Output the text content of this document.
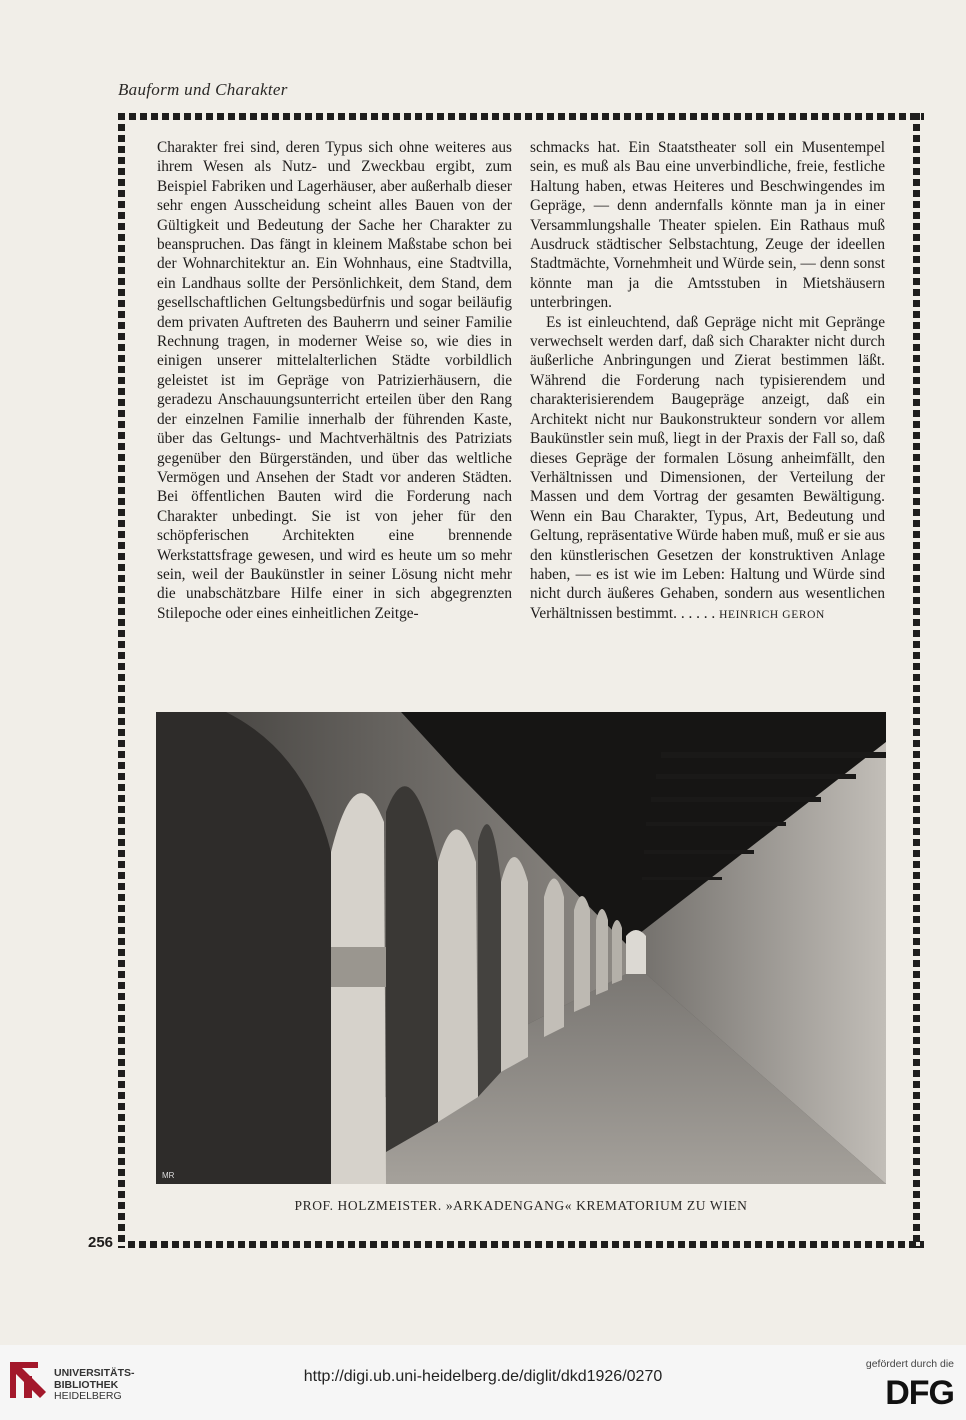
Bauform und Charakter

Charakter frei sind, deren Typus sich ohne weiteres aus ihrem Wesen als Nutz- und Zweckbau ergibt, zum Beispiel Fabriken und Lagerhäuser, aber außerhalb dieser sehr engen Ausscheidung scheint alles Bauen von der Gültigkeit und Bedeutung der Sache her Charakter zu beanspruchen. Das fängt in kleinem Maßstabe schon bei der Wohnarchitektur an. Ein Wohnhaus, eine Stadtvilla, ein Landhaus sollte der Persönlichkeit, dem Stand, dem gesellschaftlichen Geltungsbedürfnis und sogar beiläufig dem privaten Auftreten des Bauherrn und seiner Familie Rechnung tragen, in moderner Weise so, wie dies in einigen unserer mittelalterlichen Städte vorbildlich geleistet ist im Gepräge von Patrizierhäusern, die geradezu Anschauungsunterricht erteilen über den Rang der einzelnen Familie innerhalb der führenden Kaste, über das Geltungs- und Machtverhältnis des Patriziats gegenüber den Bürgerständen, und über das weltliche Vermögen und Ansehen der Stadt vor anderen Städten. Bei öffentlichen Bauten wird die Forderung nach Charakter unbedingt. Sie ist von jeher für den schöpferischen Architekten eine brennende Werkstattsfrage gewesen, und wird es heute um so mehr sein, weil der Baukünstler in seiner Lösung nicht mehr die unabschätzbare Hilfe einer in sich abgegrenzten Stilepoche oder eines einheitlichen Zeitge-

schmacks hat. Ein Staatstheater soll ein Musentempel sein, es muß als Bau eine unverbindliche, freie, festliche Haltung haben, etwas Heiteres und Beschwingendes im Gepräge, — denn andernfalls könnte man ja in einer Versammlungshalle Theater spielen. Ein Rathaus muß Ausdruck städtischer Selbstachtung, Zeuge der ideellen Stadtmächte, Vornehmheit und Würde sein, — denn sonst könnte man ja die Amtsstuben in Mietshäusern unterbringen.

Es ist einleuchtend, daß Gepräge nicht mit Gepränge verwechselt werden darf, daß sich Charakter nicht durch äußerliche Anbringungen und Zierat bestimmen läßt. Während die Forderung nach typisierendem und charakterisierendem Baugepräge anzeigt, daß ein Architekt nicht nur Baukonstrukteur sondern vor allem Baukünstler sein muß, liegt in der Praxis der Fall so, daß dieses Gepräge der formalen Lösung anheimfällt, den Verhältnissen und Dimensionen, der Verteilung der Massen und dem Vortrag der gesamten Bewältigung. Wenn ein Bau Charakter, Typus, Art, Bedeutung und Geltung, repräsentative Würde haben muß, muß er sie aus den künstlerischen Gesetzen der konstruktiven Anlage haben, — es ist wie im Leben: Haltung und Würde sind nicht durch äußeres Gehaben, sondern aus wesentlichen Verhältnissen bestimmt. . . . . . HEINRICH GERON

MR
PROF. HOLZMEISTER. »ARKADENGANG« KREMATORIUM ZU WIEN
256
UNIVERSITÄTS-
BIBLIOTHEK
HEIDELBERG
http://digi.ub.uni-heidelberg.de/diglit/dkd1926/0270
gefördert durch die
DFG
